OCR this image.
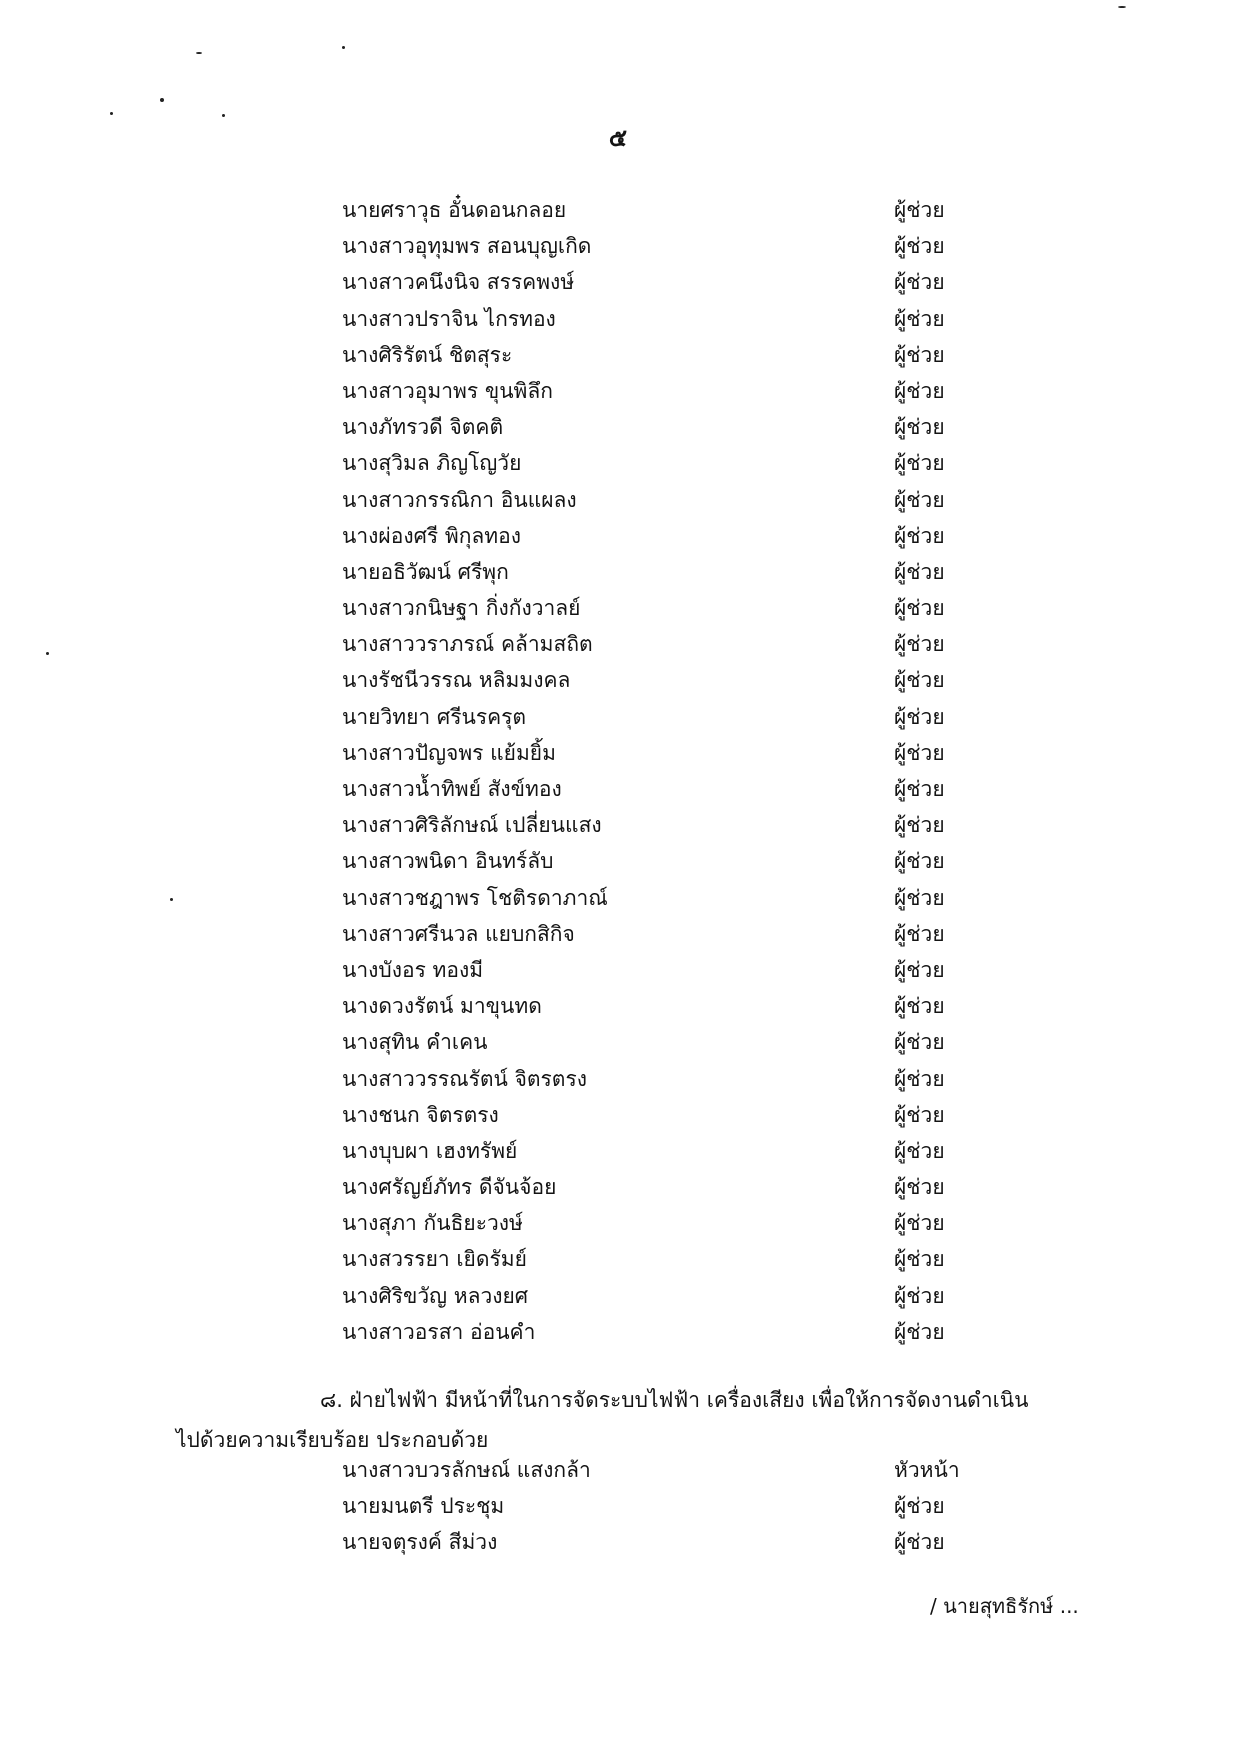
๕
นายศราวุธ อั๋นดอนกลอย	ผู้ช่วย
นางสาวอุทุมพร สอนบุญเกิด	ผู้ช่วย
นางสาวคนึงนิจ สรรคพงษ์	ผู้ช่วย
นางสาวปราจิน ไกรทอง	ผู้ช่วย
นางศิริรัตน์ ชิตสุระ	ผู้ช่วย
นางสาวอุมาพร ขุนพิลึก	ผู้ช่วย
นางภัทรวดี จิตคติ	ผู้ช่วย
นางสุวิมล ภิญโญวัย	ผู้ช่วย
นางสาวกรรณิกา อินแผลง	ผู้ช่วย
นางผ่องศรี พิกุลทอง	ผู้ช่วย
นายอธิวัฒน์ ศรีพุก	ผู้ช่วย
นางสาวกนิษฐา กิ่งกังวาลย์	ผู้ช่วย
นางสาววราภรณ์ คล้ามสถิต	ผู้ช่วย
นางรัชนีวรรณ หลิมมงคล	ผู้ช่วย
นายวิทยา ศรีนรครุต	ผู้ช่วย
นางสาวปัญจพร แย้มยิ้ม	ผู้ช่วย
นางสาวน้ำทิพย์ สังข์ทอง	ผู้ช่วย
นางสาวศิริลักษณ์ เปลี่ยนแสง	ผู้ช่วย
นางสาวพนิดา อินทร์ลับ	ผู้ช่วย
นางสาวชฎาพร โชติรดาภาณ์	ผู้ช่วย
นางสาวศรีนวล แยบกสิกิจ	ผู้ช่วย
นางบังอร ทองมี	ผู้ช่วย
นางดวงรัตน์ มาขุนทด	ผู้ช่วย
นางสุทิน คำเคน	ผู้ช่วย
นางสาววรรณรัตน์ จิตรตรง	ผู้ช่วย
นางชนก จิตรตรง	ผู้ช่วย
นางบุบผา เฮงทรัพย์	ผู้ช่วย
นางศรัญย์ภัทร ดีจันจ้อย	ผู้ช่วย
นางสุภา กันธิยะวงษ์	ผู้ช่วย
นางสวรรยา เยิดรัมย์	ผู้ช่วย
นางศิริขวัญ หลวงยศ	ผู้ช่วย
นางสาวอรสา อ่อนคำ	ผู้ช่วย
๘. ฝ่ายไฟฟ้า มีหน้าที่ในการจัดระบบไฟฟ้า เครื่องเสียง เพื่อให้การจัดงานดำเนิน
ไปด้วยความเรียบร้อย ประกอบด้วย
นางสาวบวรลักษณ์ แสงกล้า	หัวหน้า
นายมนตรี ประชุม	ผู้ช่วย
นายจตุรงค์ สีม่วง	ผู้ช่วย
/ นายสุทธิรักษ์ ...
